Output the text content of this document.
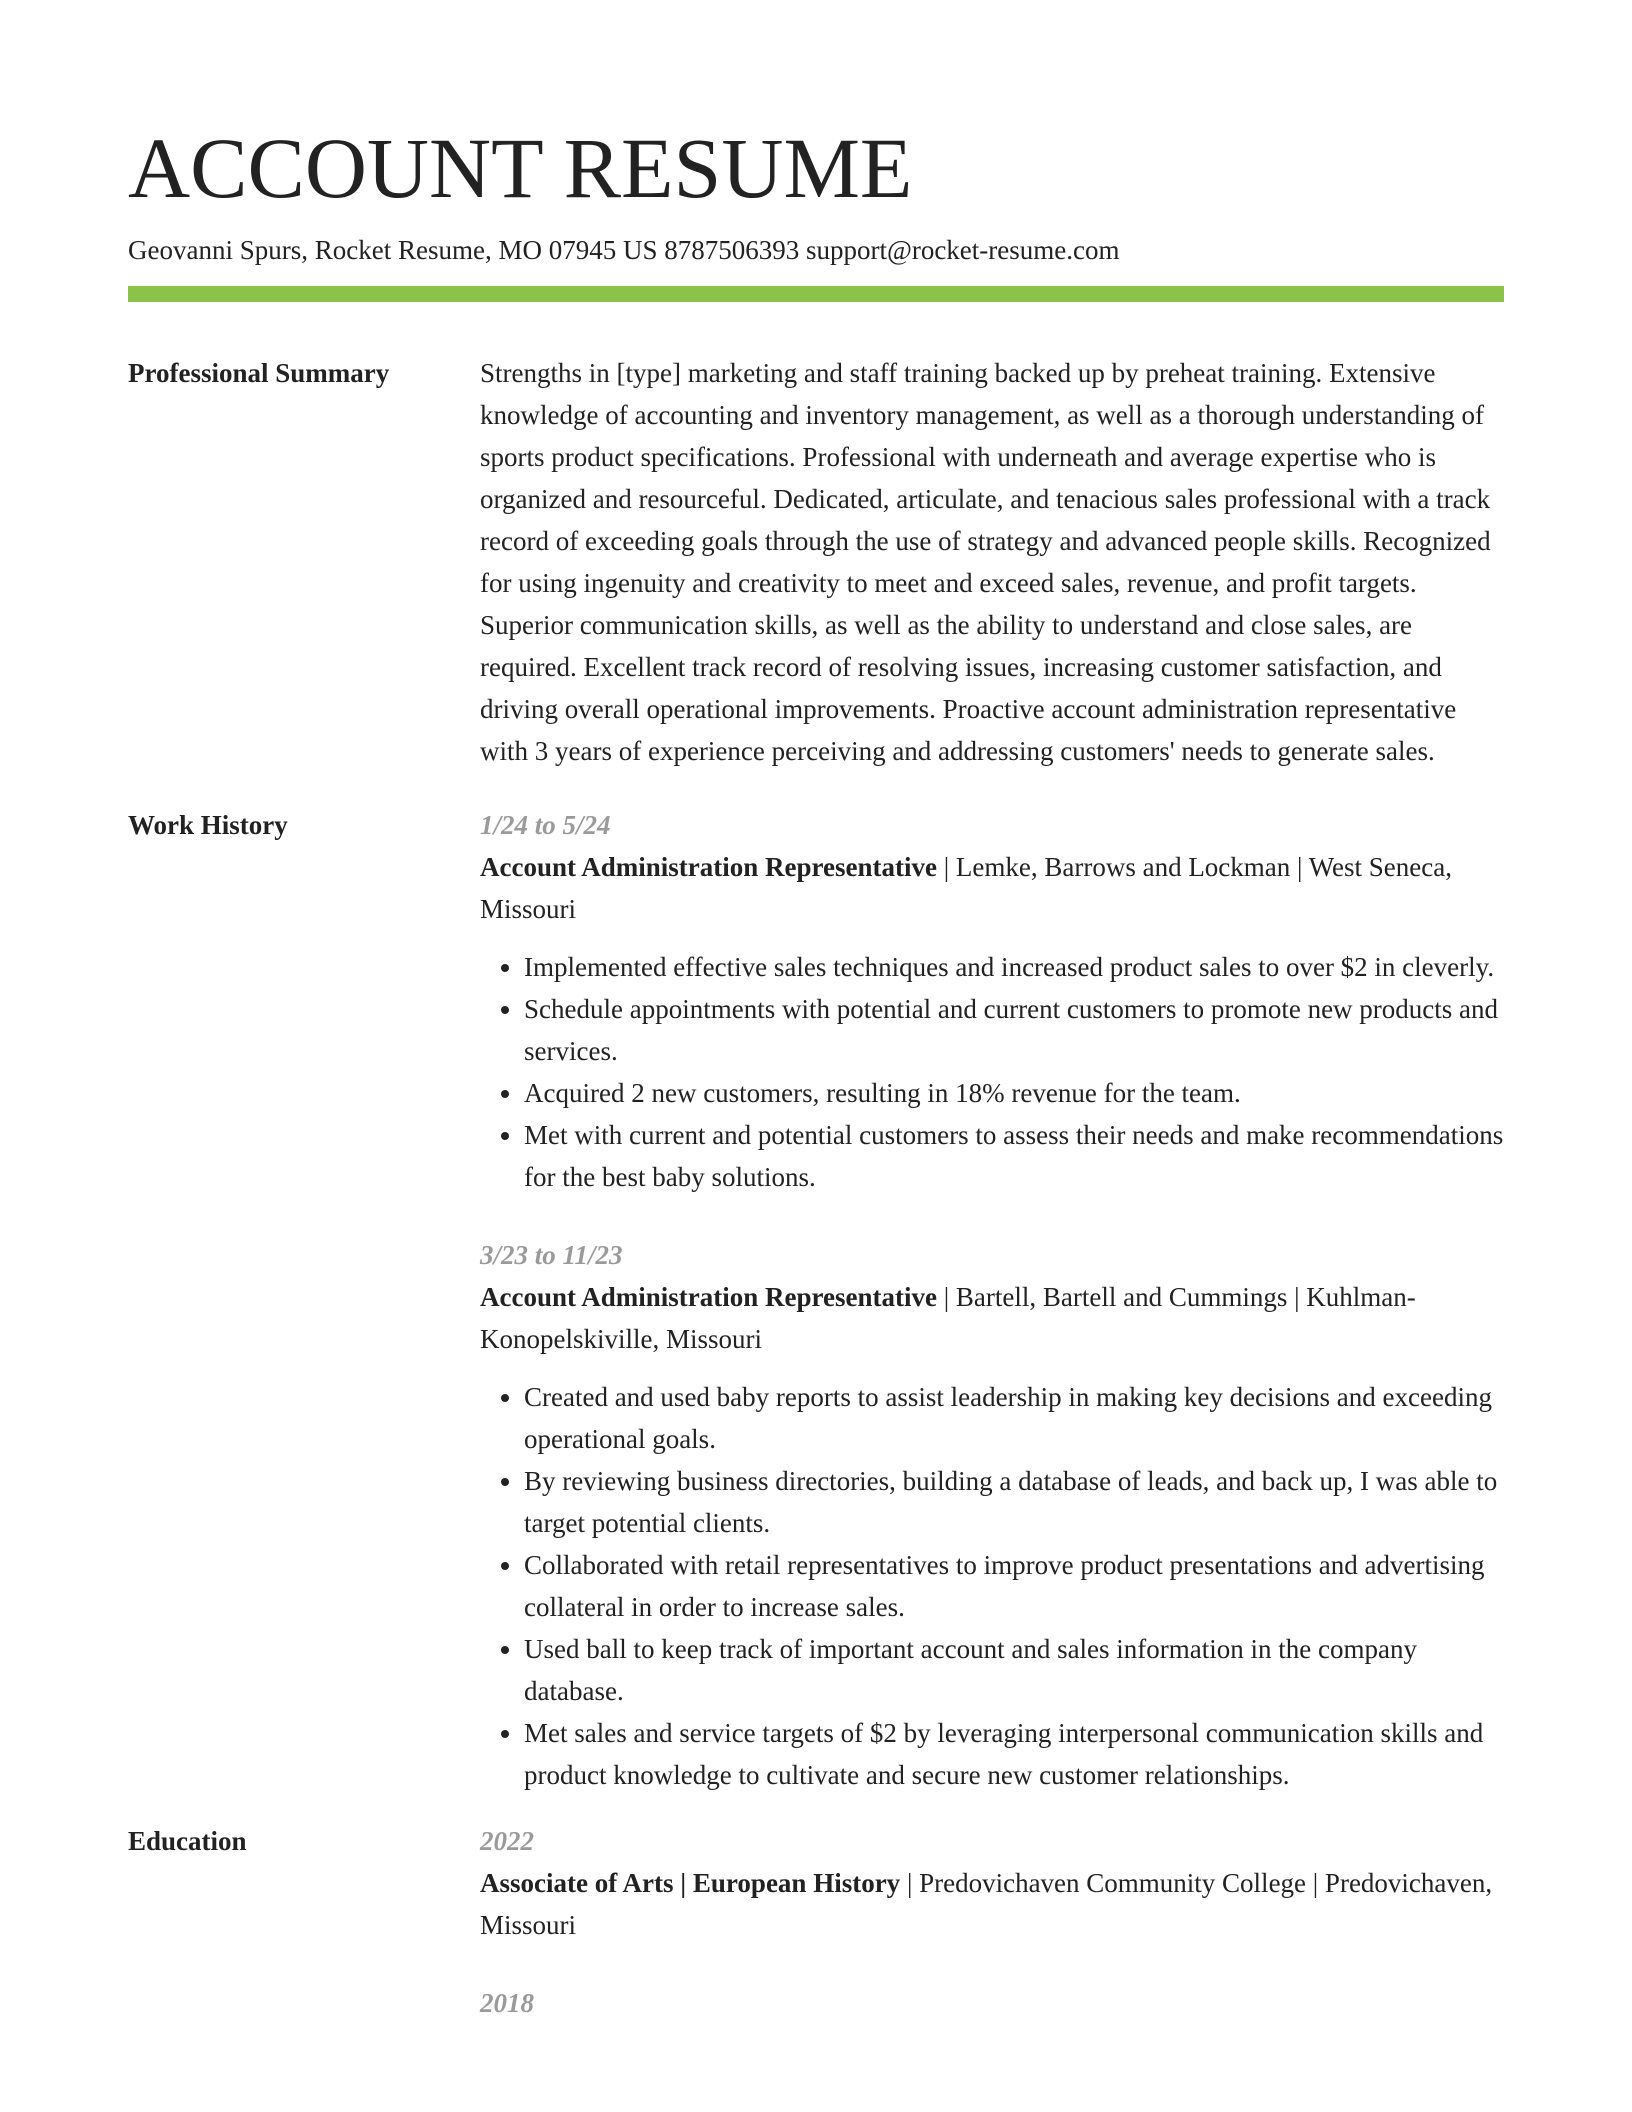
ACCOUNT RESUME
Geovanni Spurs, Rocket Resume, MO 07945 US 8787506393 support@rocket-resume.com
Professional Summary	Strengths in [type] marketing and staff training backed up by preheat training. Extensive knowledge of accounting and inventory management, as well as a thorough understanding of sports product specifications. Professional with underneath and average expertise who is organized and resourceful. Dedicated, articulate, and tenacious sales professional with a track record of exceeding goals through the use of strategy and advanced people skills. Recognized for using ingenuity and creativity to meet and exceed sales, revenue, and profit targets. Superior communication skills, as well as the ability to understand and close sales, are required. Excellent track record of resolving issues, increasing customer satisfaction, and driving overall operational improvements. Proactive account administration representative with 3 years of experience perceiving and addressing customers' needs to generate sales.
Work History	1/24 to 5/24
Account Administration Representative | Lemke, Barrows and Lockman | West Seneca, Missouri
• Implemented effective sales techniques and increased product sales to over $2 in cleverly.
• Schedule appointments with potential and current customers to promote new products and services.
• Acquired 2 new customers, resulting in 18% revenue for the team.
• Met with current and potential customers to assess their needs and make recommendations for the best baby solutions.
3/23 to 11/23
Account Administration Representative | Bartell, Bartell and Cummings | Kuhlman-Konopelskiville, Missouri
• Created and used baby reports to assist leadership in making key decisions and exceeding operational goals.
• By reviewing business directories, building a database of leads, and back up, I was able to target potential clients.
• Collaborated with retail representatives to improve product presentations and advertising collateral in order to increase sales.
• Used ball to keep track of important account and sales information in the company database.
• Met sales and service targets of $2 by leveraging interpersonal communication skills and product knowledge to cultivate and secure new customer relationships.
Education	2022
Associate of Arts | European History | Predovichaven Community College | Predovichaven, Missouri
2018
